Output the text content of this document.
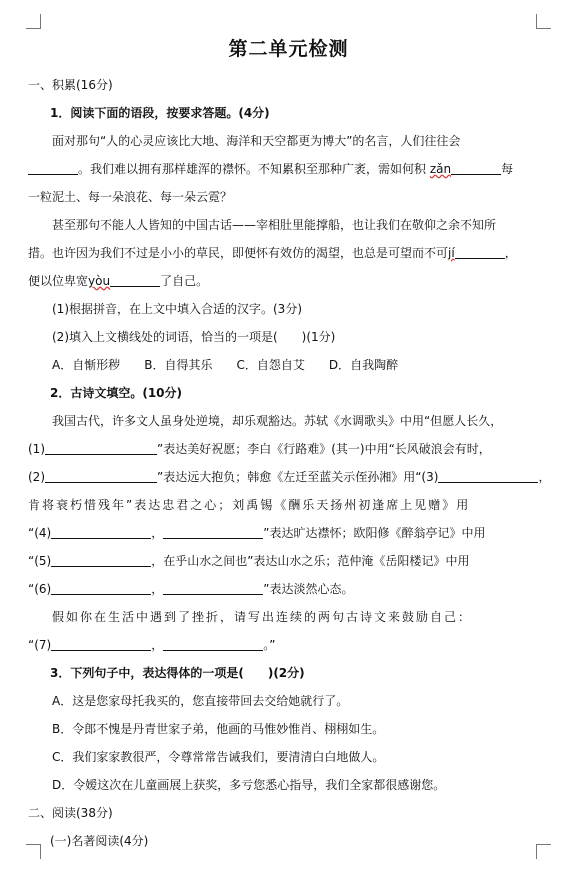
第二单元检测
一、积累(16分)
1．阅读下面的语段，按要求答题。(4分)
面对那句“人的心灵应该比大地、海洋和天空都更为博大”的名言，人们往往会
。我们难以拥有那样雄浑的襟怀。不知累积至那种广袤，需如何积 zǎn	每
一粒泥土、每一朵浪花、每一朵云霓？
甚至那句不能人人皆知的中国古话——宰相肚里能撑船，也让我们在敬仰之余不知所
措。也许因为我们不过是小小的草民，即便怀有效仿的渴望，也总是可望而不可jí	，
便以位卑宽yòu	了自己。
(1)根据拼音，在上文中填入合适的汉字。(3分)
(2)填入上文横线处的词语，恰当的一项是(　　)(1分)
A．自惭形秽　　B．自得其乐　　C．自怨自艾　　D．自我陶醉
2．古诗文填空。(10分)
我国古代，许多文人虽身处逆境，却乐观豁达。苏轼《水调歌头》中用“但愿人长久，
(1)	”表达美好祝愿；李白《行路难》(其一)中用“长风破浪会有时，
(2)	”表达远大抱负；韩愈《左迁至蓝关示侄孙湘》用“(3)	，
肯将衰朽惜残年”表达忠君之心；刘禹锡《酬乐天扬州初逢席上见赠》用
“(4)	，	”表达旷达襟怀；欧阳修《醉翁亭记》中用
“(5)	，在乎山水之间也”表达山水之乐；范仲淹《岳阳楼记》中用
“(6)	，	”表达淡然心态。
假如你在生活中遇到了挫折，请写出连续的两句古诗文来鼓励自己：
“(7)	，	。”
3．下列句子中，表达得体的一项是(　　)(2分)
A．这是您家母托我买的，您直接带回去交给她就行了。
B．令郎不愧是丹青世家子弟，他画的马惟妙惟肖、栩栩如生。
C．我们家家教很严，令尊常常告诫我们，要清清白白地做人。
D．令嫒这次在儿童画展上获奖，多亏您悉心指导，我们全家都很感谢您。
二、阅读(38分)
(一)名著阅读(4分)
